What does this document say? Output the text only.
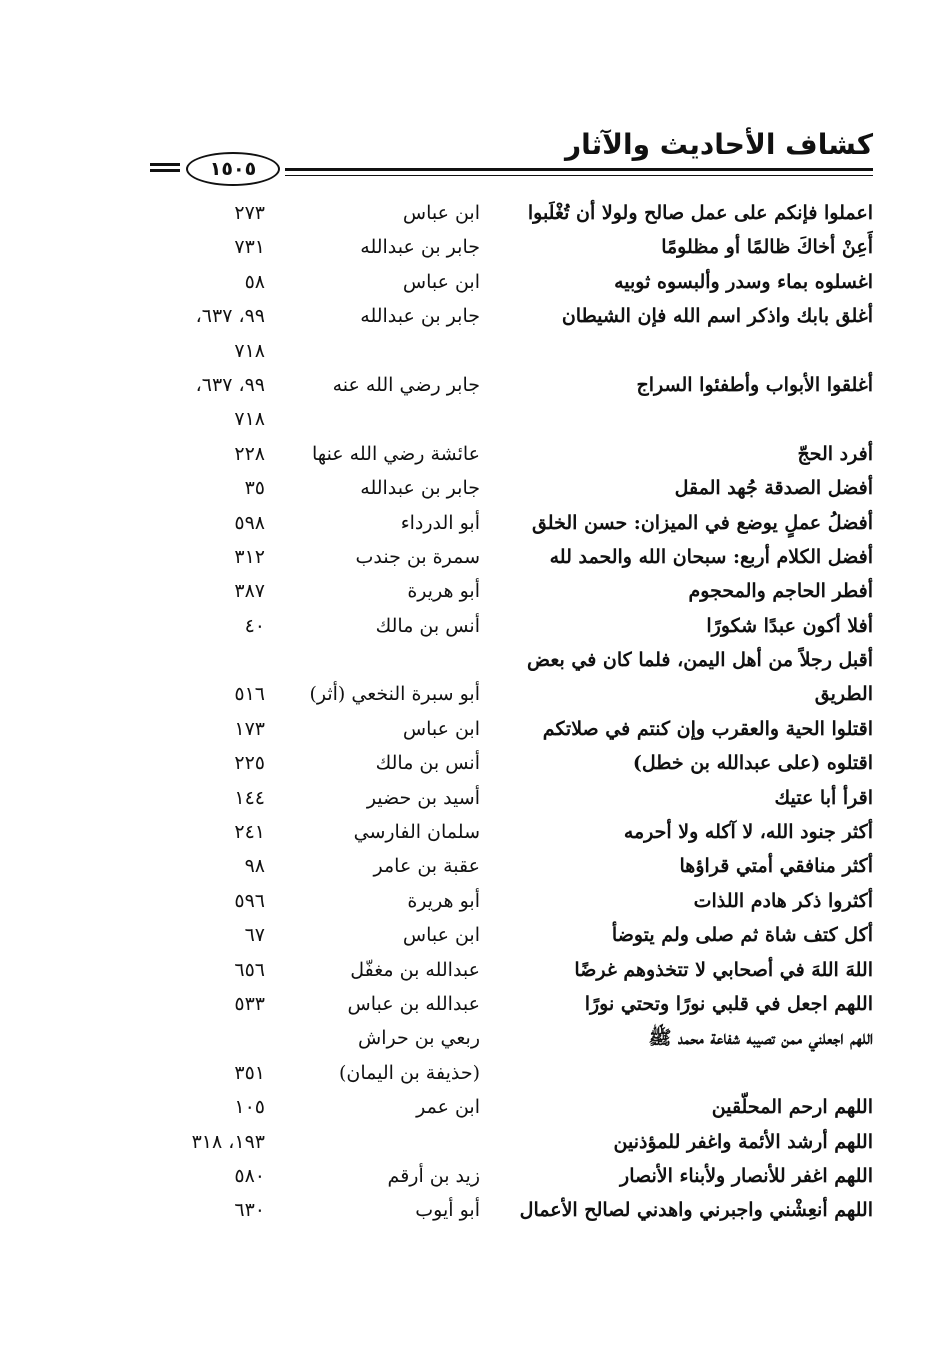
كشاف الأحاديث والآثار
١٥٠٥
اعملوا فإنكم على عمل صالح ولولا أن تُغْلَبوا
ابن عباس
٢٧٣
أَعِنْ أخاكَ ظالمًا أو مظلومًا
جابر بن عبدالله
٧٣١
اغسلوه بماء وسدر وألبسوه ثوبيه
ابن عباس
٥٨
أغلق بابك واذكر اسم الله فإن الشيطان
جابر بن عبدالله
٩٩، ٦٣٧،
٧١٨
أغلقوا الأبواب وأطفئوا السراج
جابر رضي الله عنه
٩٩، ٦٣٧،
٧١٨
أفرد الحجّ
عائشة رضي الله عنها
٢٢٨
أفضل الصدقة جُهد المقل
جابر بن عبدالله
٣٥
أفضلُ عملٍ يوضع في الميزان: حسن الخلق
أبو الدرداء
٥٩٨
أفضل الكلام أربع: سبحان الله والحمد لله
سمرة بن جندب
٣١٢
أفطر الحاجم والمحجوم
أبو هريرة
٣٨٧
أفلا أكون عبدًا شكورًا
أنس بن مالك
٤٠
أقبل رجلاً من أهل اليمن، فلما كان في بعض الطريق
أبو سبرة النخعي (أثر)
٥١٦
اقتلوا الحية والعقرب وإن كنتم في صلاتكم
ابن عباس
١٧٣
اقتلوه (على عبدالله بن خطل)
أنس بن مالك
٢٢٥
اقرأ أبا عتيك
أسيد بن حضير
١٤٤
أكثر جنود الله، لا آكله ولا أحرمه
سلمان الفارسي
٢٤١
أكثر منافقي أمتي قراؤها
عقبة بن عامر
٩٨
أكثروا ذكر هادم اللذات
أبو هريرة
٥٩٦
أكل كتف شاة ثم صلى ولم يتوضأ
ابن عباس
٦٧
اللهَ اللهَ في أصحابي لا تتخذوهم غرضًا
عبدالله بن مغفّل
٦٥٦
اللهم اجعل في قلبي نورًا وتحتي نورًا
عبدالله بن عباس
٥٣٣
اللهم اجعلني ممن تصيبه شفاعة محمد ﷺ
ربعي بن حراش
(حذيفة بن اليمان)
٣٥١
اللهم ارحم المحلّقين
ابن عمر
١٠٥
اللهم أرشد الأئمة واغفر للمؤذنين
١٩٣، ٣١٨
اللهم اغفر للأنصار ولأبناء الأنصار
زيد بن أرقم
٥٨٠
اللهم أنعِشْني واجبرني واهدني لصالح الأعمال
أبو أيوب
٦٣٠
